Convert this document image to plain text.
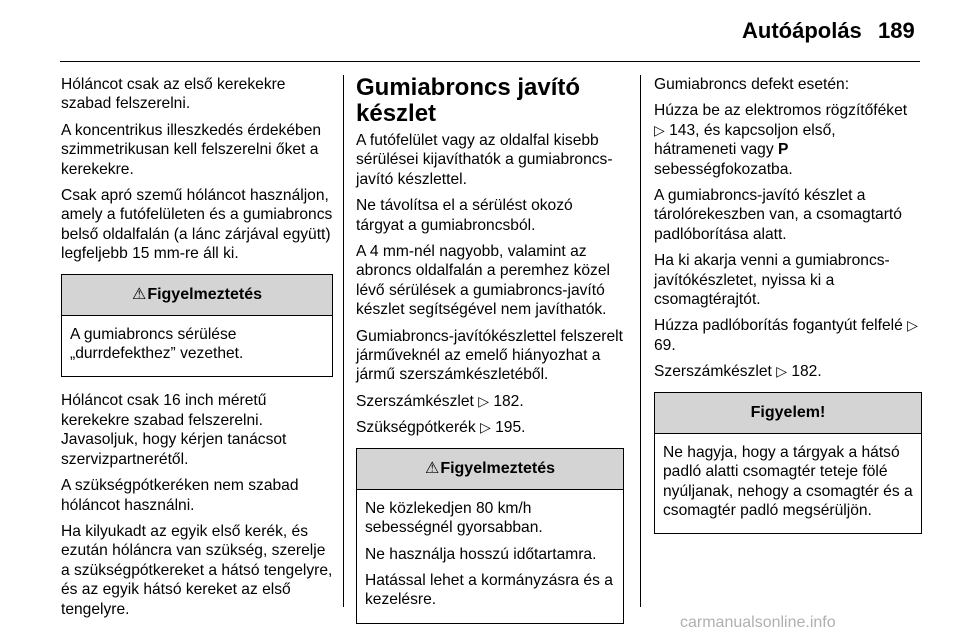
Autóápolás 189

Hóláncot csak az első kerekekre szabad felszerelni.

A koncentrikus illeszkedés érdekében szimmetrikusan kell felszerelni őket a kerekekre.

Csak apró szemű hóláncot használjon, amely a futófelületen és a gumiabroncs belső oldalfalán (a lánc zárjával együtt) legfeljebb 15 mm-re áll ki.

⚠ Figyelmeztetés

A gumiabroncs sérülése „durrdefekthez” vezethet.

Hóláncot csak 16 inch méretű kerekekre szabad felszerelni. Javasoljuk, hogy kérjen tanácsot szervizpartnerétől.

A szükségpótkeréken nem szabad hóláncot használni.

Ha kilyukadt az egyik első kerék, és ezután hóláncra van szükség, szerelje a szükségpótkereket a hátsó tengelyre, és az egyik hátsó kereket az első tengelyre.

Gumiabroncs javító készlet

A futófelület vagy az oldalfal kisebb sérülései kijavíthatók a gumiabroncs-javító készlettel.

Ne távolítsa el a sérülést okozó tárgyat a gumiabroncsból.

A 4 mm-nél nagyobb, valamint az abroncs oldalfalán a peremhez közel lévő sérülések a gumiabroncs-javító készlet segítségével nem javíthatók.

Gumiabroncs-javítókészlettel felszerelt járműveknél az emelő hiányozhat a jármű szerszámkészletéből.

Szerszámkészlet ▷ 182.

Szükségpótkerék ▷ 195.

⚠ Figyelmeztetés

Ne közlekedjen 80 km/h sebességnél gyorsabban.

Ne használja hosszú időtartamra.

Hatással lehet a kormányzásra és a kezelésre.

Gumiabroncs defekt esetén:

Húzza be az elektromos rögzítőféket ▷ 143, és kapcsoljon első, hátrameneti vagy P sebességfokozatba.

A gumiabroncs-javító készlet a tárolórekeszben van, a csomagtartó padlóborítása alatt.

Ha ki akarja venni a gumiabroncs-javítókészletet, nyissa ki a csomagtérajtót.

Húzza padlóborítás fogantyút felfelé ▷ 69.

Szerszámkészlet ▷ 182.

Figyelem!

Ne hagyja, hogy a tárgyak a hátsó padló alatti csomagtér teteje fölé nyúljanak, nehogy a csomagtér és a csomagtér padló megsérüljön.

carmanualsonline.info
